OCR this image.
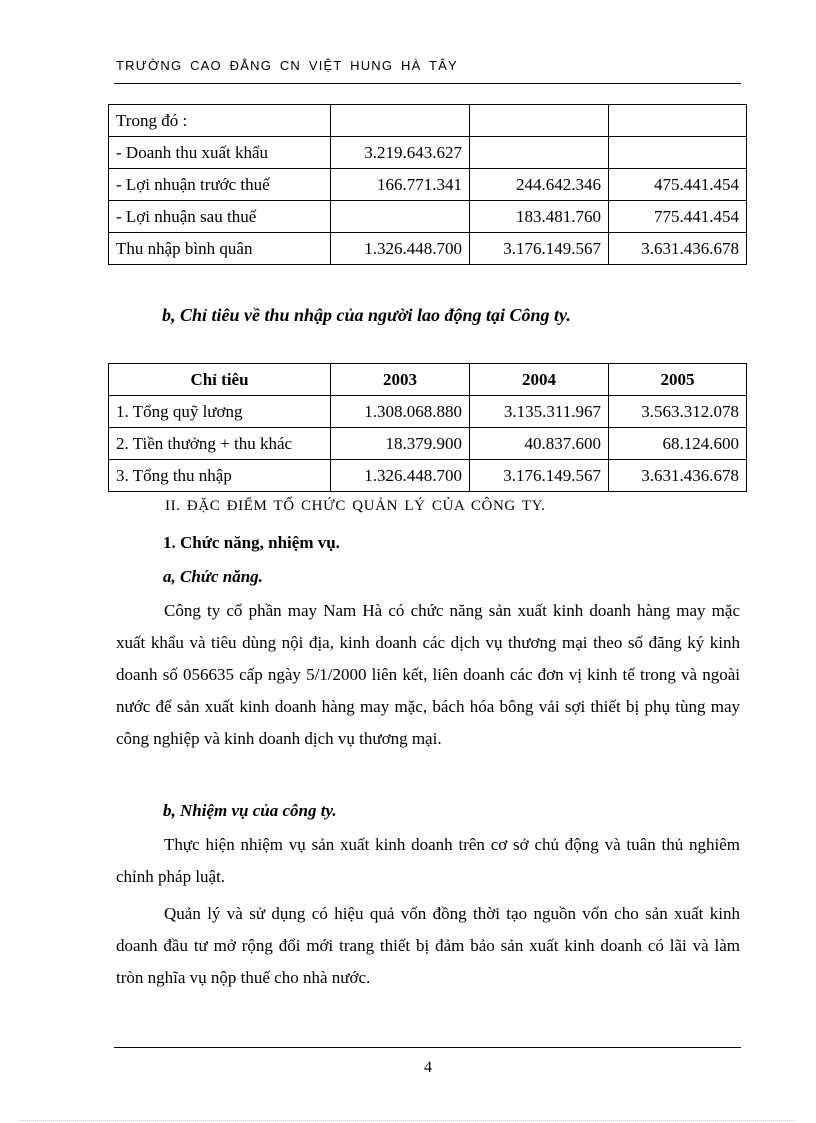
TRƯỜNG CAO ĐẲNG CN VIỆT HUNG HÀ TÂY
Trong đó :			
- Doanh thu xuất khẩu	3.219.643.627		
- Lợi nhuận trước thuế	166.771.341	244.642.346	475.441.454
- Lợi nhuận sau thuế		183.481.760	775.441.454
Thu nhập bình quân	1.326.448.700	3.176.149.567	3.631.436.678
b, Chỉ tiêu về thu nhập của người lao động tại Công ty.
Chỉ tiêu	2003	2004	2005
1. Tổng quỹ lương	1.308.068.880	3.135.311.967	3.563.312.078
2. Tiền thưởng + thu khác	18.379.900	40.837.600	68.124.600
3. Tổng thu nhập	1.326.448.700	3.176.149.567	3.631.436.678
II. ĐẶC ĐIỂM TỔ CHỨC QUẢN LÝ CỦA CÔNG TY.
1. Chức năng, nhiệm vụ.
a, Chức năng.

Công ty cổ phần may Nam Hà có chức năng sản xuất kinh doanh hàng may mặc xuất khẩu và tiêu dùng nội địa, kinh doanh các dịch vụ thương mại theo số đăng ký kinh doanh số 056635 cấp ngày 5/1/2000 liên kết, liên doanh các đơn vị kinh tế trong và ngoài nước để sản xuất kinh doanh hàng may mặc, bách hóa bông vải sợi thiết bị phụ tùng may công nghiệp và kinh doanh dịch vụ thương mại.

b, Nhiệm vụ của công ty.

Thực hiện nhiệm vụ sản xuất kinh doanh trên cơ sở chủ động và tuân thủ nghiêm chỉnh pháp luật.

Quản lý và sử dụng có hiệu quả vốn đồng thời tạo nguồn vốn cho sản xuất kinh doanh đầu tư mở rộng đổi mới trang thiết bị đảm bảo sản xuất kinh doanh có lãi và làm tròn nghĩa vụ nộp thuế cho nhà nước.

4
